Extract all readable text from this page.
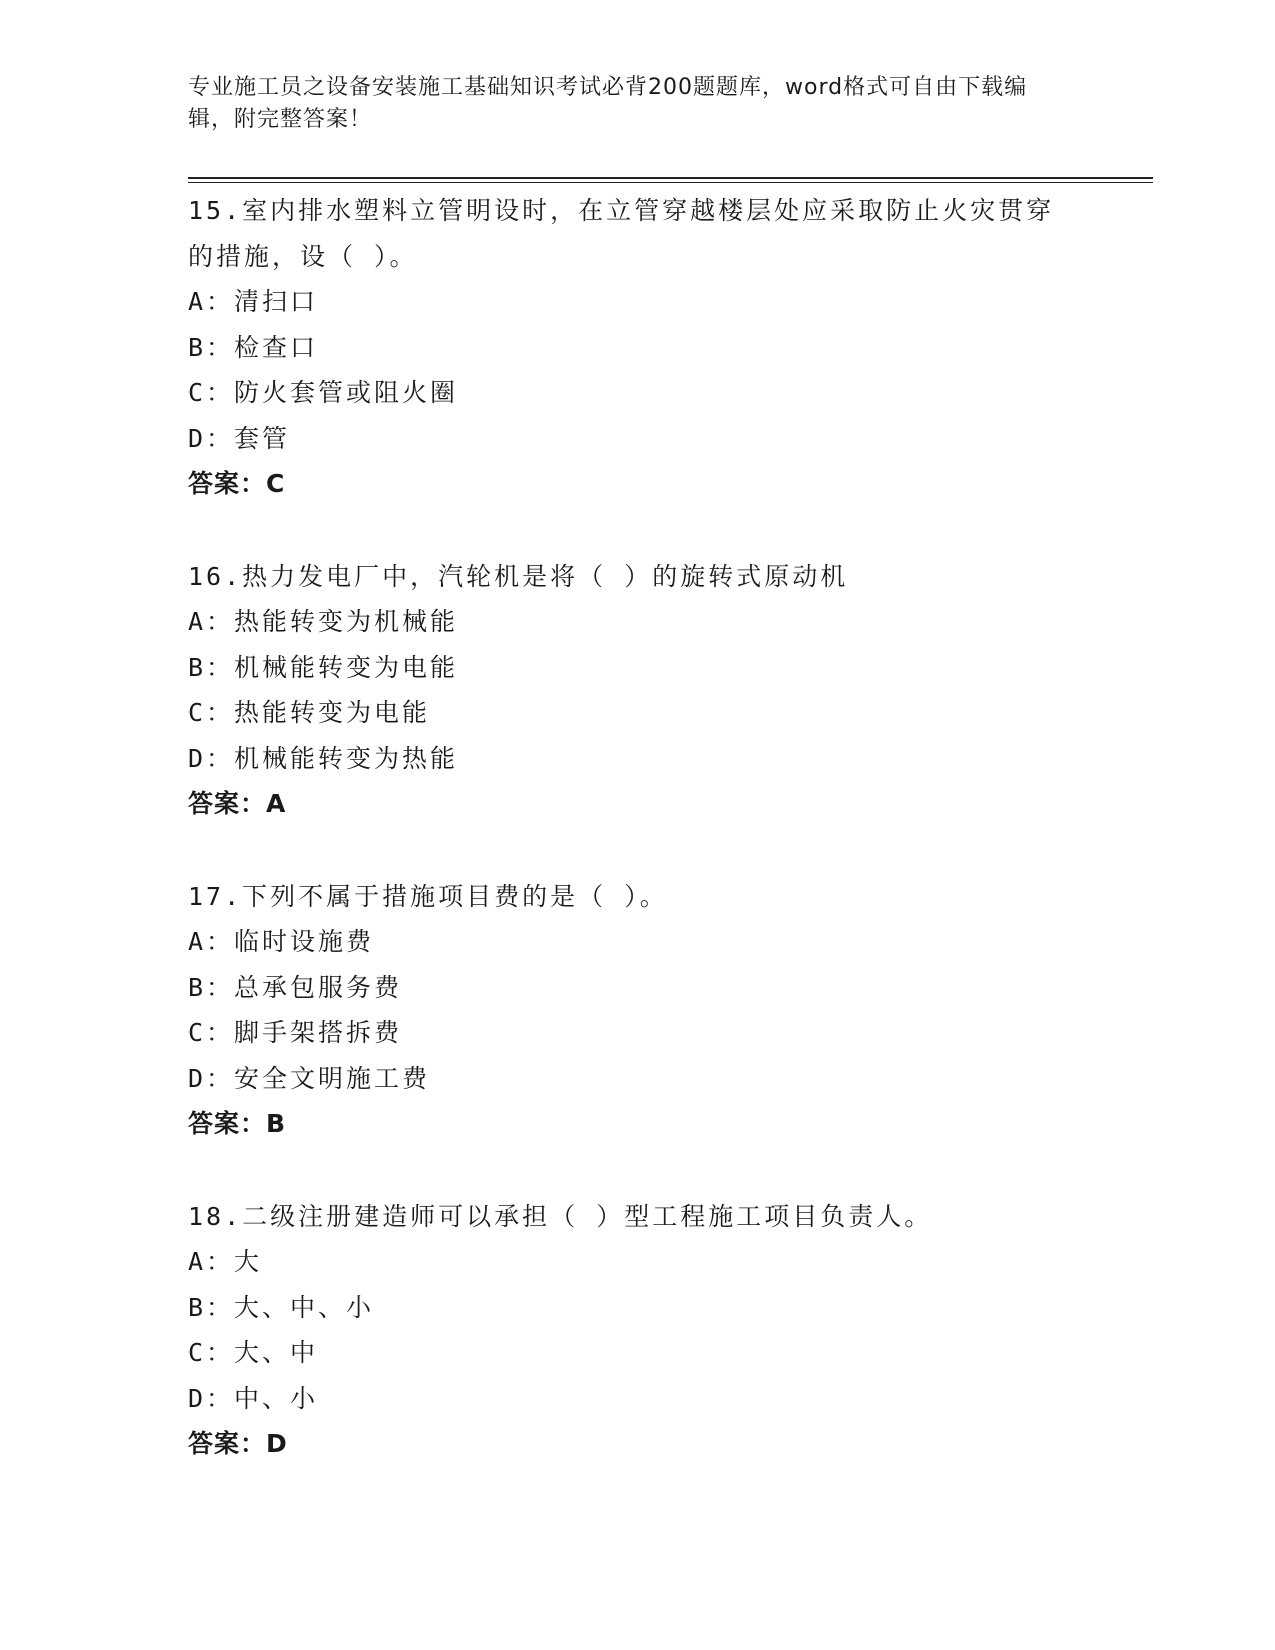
专业施工员之设备安装施工基础知识考试必背200题题库，word格式可自由下载编辑，附完整答案！
15.室内排水塑料立管明设时，在立管穿越楼层处应采取防止火灾贯穿的措施，设（ ）。
A：清扫口
B：检查口
C：防火套管或阻火圈
D：套管
答案：C
16.热力发电厂中，汽轮机是将（ ）的旋转式原动机
A：热能转变为机械能
B：机械能转变为电能
C：热能转变为电能
D：机械能转变为热能
答案：A
17.下列不属于措施项目费的是（ ）。
A：临时设施费
B：总承包服务费
C：脚手架搭拆费
D：安全文明施工费
答案：B
18.二级注册建造师可以承担（ ）型工程施工项目负责人。
A：大
B：大、中、小
C：大、中
D：中、小
答案：D
